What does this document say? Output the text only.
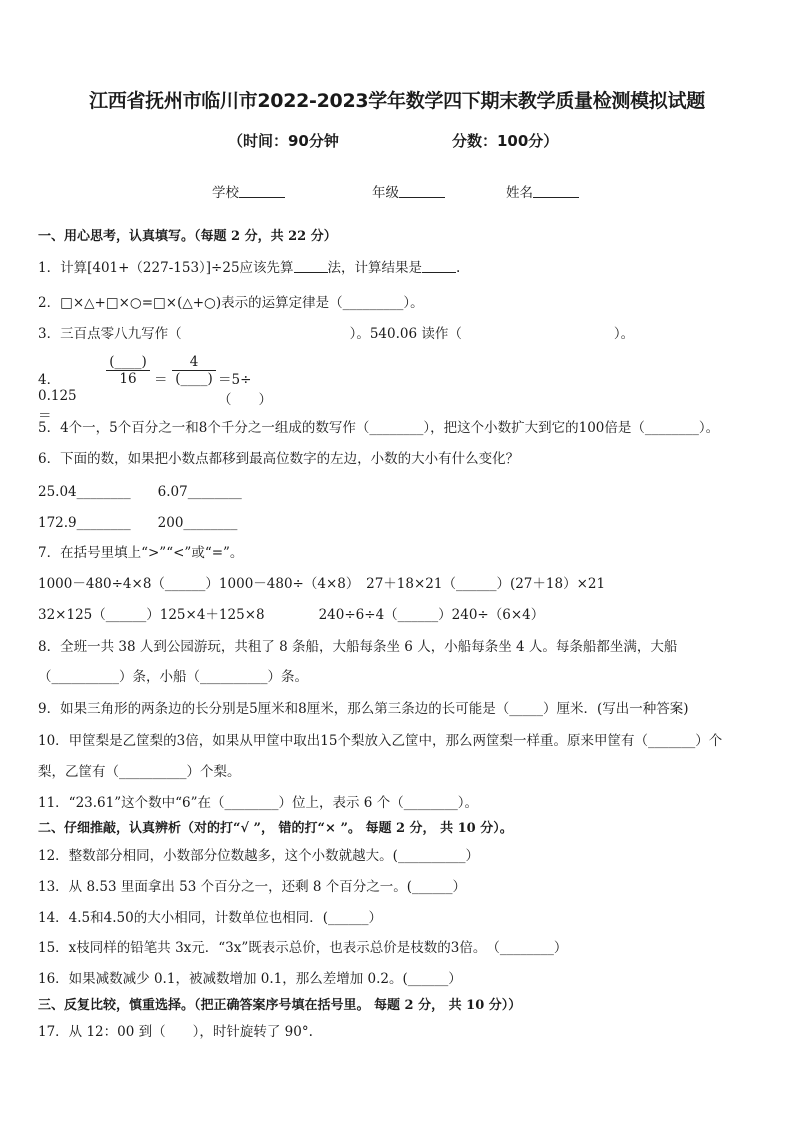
江西省抚州市临川市2022-2023学年数学四下期末教学质量检测模拟试题
（时间：90分钟	分数：100分）
学校	年级	姓名
一、用心思考，认真填写。（每题 2 分，共 22 分）
1．计算[401+（227-153）]÷25应该先算	法，计算结果是	.
2．□×△+□×○=□×(△+○)表示的运算定律是（_________）。
3．三百点零八九写作（	）。540.06 读作（	）。
4．0.125＝
(____)
16	＝
4
(____) ＝5÷（　　）
5．4个一，5个百分之一和8个千分之一组成的数写作（________），把这个小数扩大到它的100倍是（________）。
6．下面的数，如果把小数点都移到最高位数字的左边，小数的大小有什么变化？
25.04________　　6.07________
172.9________　　200________
7．在括号里填上“>”“<”或“=”。
1000－480÷4×8（______）1000－480÷（4×8）　27＋18×21（______）(27＋18）×21
32×125（______）125×4＋125×8　　　　240÷6÷4（______）240÷（6×4）
8．全班一共 38 人到公园游玩，共租了 8 条船，大船每条坐 6 人，小船每条坐 4 人。每条船都坐满，大船
（__________）条，小船（__________）条。
9．如果三角形的两条边的长分别是5厘米和8厘米，那么第三条边的长可能是（_____）厘米．(写出一种答案)
10．甲筐梨是乙筐梨的3倍，如果从甲筐中取出15个梨放入乙筐中，那么两筐梨一样重。原来甲筐有（_______）个
梨，乙筐有（__________）个梨。
11．“23.61”这个数中“6”在（________）位上，表示 6 个（________）。
二、仔细推敲，认真辨析（对的打“√ ”， 错的打“× ”。 每题 2 分， 共 10 分）。
12．整数部分相同，小数部分位数越多，这个小数就越大。(__________）
13．从 8.53 里面拿出 53 个百分之一，还剩 8 个百分之一。(______）
14．4.5和4.50的大小相同，计数单位也相同．(______）
15．x枝同样的铅笔共 3x元．“3x”既表示总价，也表示总价是枝数的3倍。　（________）
16．如果减数减少 0.1，被减数增加 0.1，那么差增加 0.2。(______）
三、反复比较，慎重选择。（把正确答案序号填在括号里。 每题 2 分， 共 10 分））
17．从 12：00 到（　　），时针旋转了 90°.
